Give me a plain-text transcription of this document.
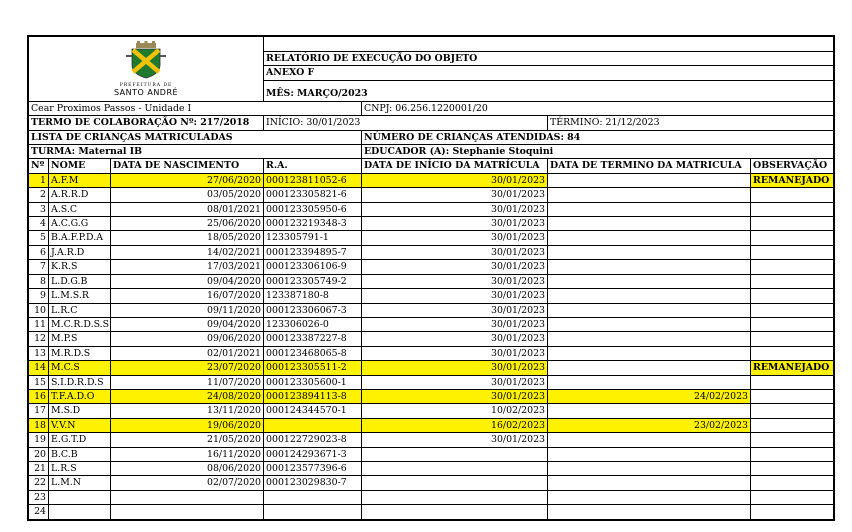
PREFEITURA DE
SANTO ANDRÉ						

			RELATÓRIO DE EXECUÇÃO DO OBJETO			
			ANEXO F			
			MÊS: MARÇO/2023			
Cear Proximos Passos - Unidade I				CNPJ: 06.256.1220001/20		
TERMO DE COLABORAÇÃO Nº: 217/2018			INÍCIO: 30/01/2023		TÉRMINO: 21/12/2023	
LISTA DE CRIANÇAS MATRICULADAS				NÚMERO DE CRIANÇAS ATENDIDAS: 84		
TURMA: Maternal IB				EDUCADOR (A): Stephanie Stoquini		
Nº	NOME	DATA DE NASCIMENTO	R.A.	DATA DE INÍCIO DA MATRÍCULA	DATA DE TERMINO DA MATRICULA	OBSERVAÇÃO
1	A.F.M	27/06/2020	000123811052-6	30/01/2023		REMANEJADO
2	A.R.R.D	03/05/2020	000123305821-6	30/01/2023		
3	A.S.C	08/01/2021	000123305950-6	30/01/2023		
4	A.C.G.G	25/06/2020	000123219348-3	30/01/2023		
5	B.A.F.P.D.A	18/05/2020	123305791-1	30/01/2023		
6	J.A.R.D	14/02/2021	000123394895-7	30/01/2023		
7	K.R.S	17/03/2021	000123306106-9	30/01/2023		
8	L.D.G.B	09/04/2020	000123305749-2	30/01/2023		
9	L.M.S.R	16/07/2020	123387180-8	30/01/2023		
10	L.R.C	09/11/2020	000123306067-3	30/01/2023		
11	M.C.R.D.S.S	09/04/2020	123306026-0	30/01/2023		
12	M.P.S	09/06/2020	000123387227-8	30/01/2023		
13	M.R.D.S	02/01/2021	000123468065-8	30/01/2023		
14	M.C.S	23/07/2020	000123305511-2	30/01/2023		REMANEJADO
15	S.I.D.R.D.S	11/07/2020	000123305600-1	30/01/2023		
16	T.F.A.D.O	24/08/2020	000123894113-8	30/01/2023	24/02/2023	
17	M.S.D	13/11/2020	000124344570-1	10/02/2023		
18	V.V.N	19/06/2020		16/02/2023	23/02/2023	
19	E.G.T.D	21/05/2020	000122729023-8	30/01/2023		
20	B.C.B	16/11/2020	000124293671-3			
21	L.R.S	08/06/2020	000123577396-6			
22	L.M.N	02/07/2020	000123029830-7			
23						
24						
